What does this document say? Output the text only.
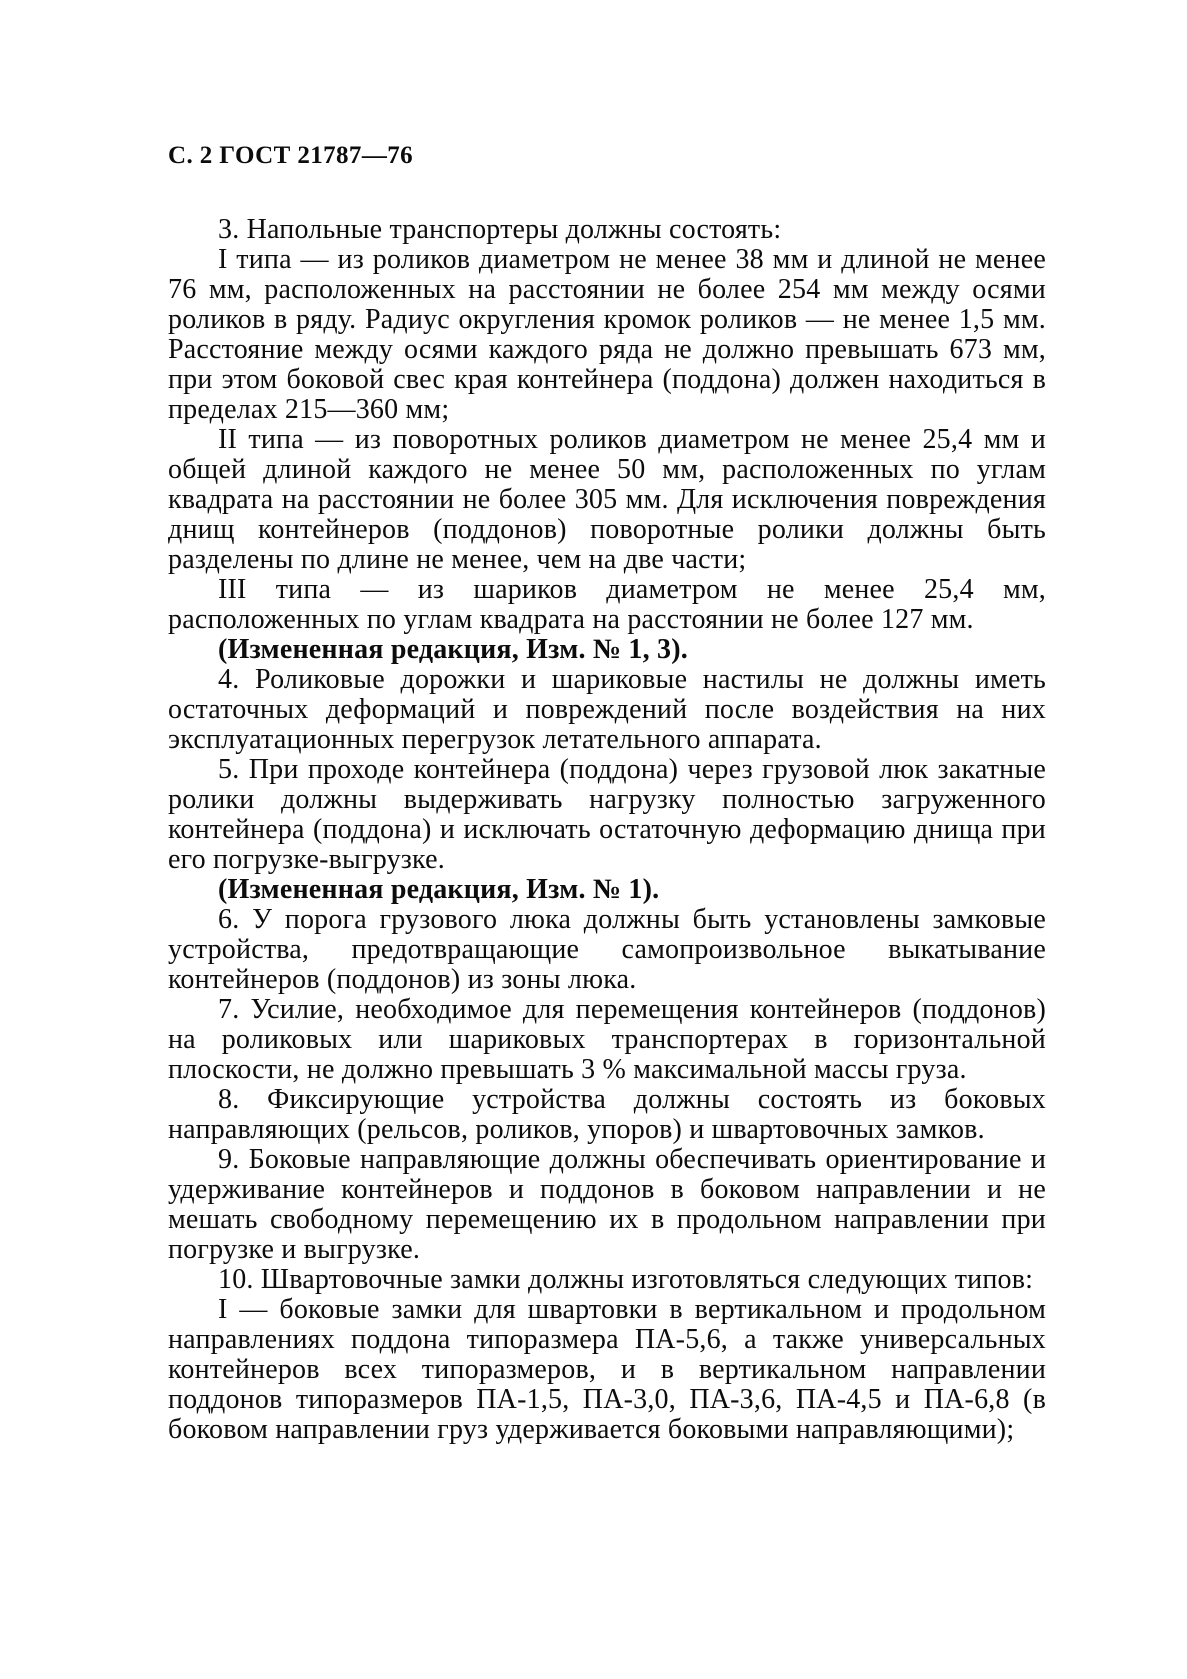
С. 2 ГОСТ 21787—76

3. Напольные транспортеры должны состоять:

I типа — из роликов диаметром не менее 38 мм и длиной не менее 76 мм, расположенных на расстоянии не более 254 мм между осями роликов в ряду. Радиус округления кромок роликов — не менее 1,5 мм. Расстояние между осями каждого ряда не должно превышать 673 мм, при этом боковой свес края контейнера (поддона) должен находиться в пределах 215—360 мм;

II типа — из поворотных роликов диаметром не менее 25,4 мм и общей длиной каждого не менее 50 мм, расположенных по углам квадрата на расстоянии не более 305 мм. Для исключения повреждения днищ контейнеров (поддонов) поворотные ролики должны быть разделены по длине не менее, чем на две части;

III типа — из шариков диаметром не менее 25,4 мм, расположенных по углам квадрата на расстоянии не более 127 мм.

(Измененная редакция, Изм. № 1, 3).

4. Роликовые дорожки и шариковые настилы не должны иметь остаточных деформаций и повреждений после воздействия на них эксплуатационных перегрузок летательного аппарата.

5. При проходе контейнера (поддона) через грузовой люк закатные ролики должны выдерживать нагрузку полностью загруженного контейнера (поддона) и исключать остаточную деформацию днища при его погрузке-выгрузке.

(Измененная редакция, Изм. № 1).

6. У порога грузового люка должны быть установлены замковые устройства, предотвращающие самопроизвольное выкатывание контейнеров (поддонов) из зоны люка.

7. Усилие, необходимое для перемещения контейнеров (поддонов) на роликовых или шариковых транспортерах в горизонтальной плоскости, не должно превышать 3 % максимальной массы груза.

8. Фиксирующие устройства должны состоять из боковых направляющих (рельсов, роликов, упоров) и швартовочных замков.

9. Боковые направляющие должны обеспечивать ориентирование и удерживание контейнеров и поддонов в боковом направлении и не мешать свободному перемещению их в продольном направлении при погрузке и выгрузке.

10. Швартовочные замки должны изготовляться следующих типов:

I — боковые замки для швартовки в вертикальном и продольном направлениях поддона типоразмера ПА-5,6, а также универсальных контейнеров всех типоразмеров, и в вертикальном направлении поддонов типоразмеров ПА-1,5, ПА-3,0, ПА-3,6, ПА-4,5 и ПА-6,8 (в боковом направлении груз удерживается боковыми направляющими);
